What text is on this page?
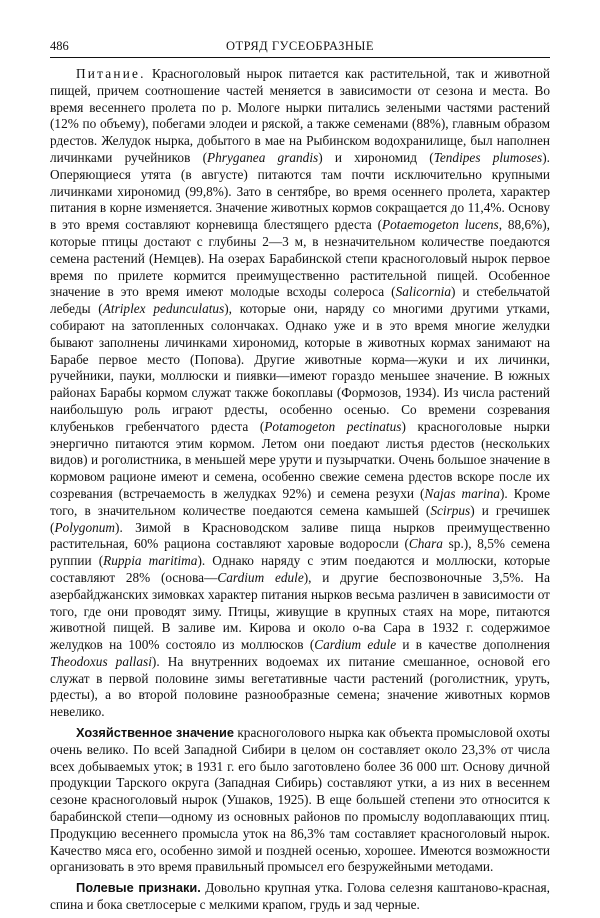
486	ОТРЯД ГУСЕОБРАЗНЫЕ

Питание. Красноголовый нырок питается как растительной, так и животной пищей, причем соотношение частей меняется в зависимости от сезона и места. Во время весеннего пролета по р. Мологе нырки питались зелеными частями растений (12% по объему), побегами элодеи и ряской, а также семенами (88%), главным образом рдестов. Желудок нырка, добытого в мае на Рыбинском водохранилище, был наполнен личинками ручейников (Phryganea grandis) и хирономид (Tendipes plumoses). Оперяющиеся утята (в августе) питаются там почти исключительно крупными личинками хирономид (99,8%). Зато в сентябре, во время осеннего пролета, характер питания в корне изменяется. Значение животных кормов сокращается до 11,4%. Основу в это время составляют корневища блестящего рдеста (Potaemogeton lucens, 88,6%), которые птицы достают с глубины 2—3 м, в незначительном количестве поедаются семена растений (Немцев). На озерах Барабинской степи красноголовый нырок первое время по прилете кормится преимущественно растительной пищей. Особенное значение в это время имеют молодые всходы солероса (Salicornia) и стебельчатой лебеды (Atriplex pedunculatus), которые они, наряду со многими другими утками, собирают на затопленных солончаках. Однако уже и в это время многие желудки бывают заполнены личинками хирономид, которые в животных кормах занимают на Барабе первое место (Попова). Другие животные корма—жуки и их личинки, ручейники, пауки, моллюски и пиявки—имеют гораздо меньшее значение. В южных районах Барабы кормом служат также бокоплавы (Формозов, 1934). Из числа растений наибольшую роль играют рдесты, особенно осенью. Со времени созревания клубеньков гребенчатого рдеста (Potamogeton pectinatus) красноголовые нырки энергично питаются этим кормом. Летом они поедают листья рдестов (нескольких видов) и роголистника, в меньшей мере урути и пузырчатки. Очень большое значение в кормовом рационе имеют и семена, особенно свежие семена рдестов вскоре после их созревания (встречаемость в желудках 92%) и семена резухи (Najas marina). Кроме того, в значительном количестве поедаются семена камышей (Scirpus) и гречишек (Polygonum). Зимой в Красноводском заливе пища нырков преимущественно растительная, 60% рациона составляют харовые водоросли (Chara sp.), 8,5% семена руппии (Ruppia maritima). Однако наряду с этим поедаются и моллюски, которые составляют 28% (основа—Cardium edule), и другие беспозвоночные 3,5%. На азербайджанских зимовках характер питания нырков весьма различен в зависимости от того, где они проводят зиму. Птицы, живущие в крупных стаях на море, питаются животной пищей. В заливе им. Кирова и около о-ва Сара в 1932 г. содержимое желудков на 100% состояло из моллюсков (Cardium edule и в качестве дополнения Theodoxus pallasi). На внутренних водоемах их питание смешанное, основой его служат в первой половине зимы вегетативные части растений (роголистник, уруть, рдесты), а во второй половине разнообразные семена; значение животных кормов невелико.

Хозяйственное значение красноголового нырка как объекта промысловой охоты очень велико. По всей Западной Сибири в целом он составляет около 23,3% от числа всех добываемых уток; в 1931 г. его было заготовлено более 36 000 шт. Основу дичной продукции Тарского округа (Западная Сибирь) составляют утки, а из них в весеннем сезоне красноголовый нырок (Ушаков, 1925). В еще большей степени это относится к барабинской степи—одному из основных районов по промыслу водоплавающих птиц. Продукцию весеннего промысла уток на 86,3% там составляет красноголовый нырок. Качество мяса его, особенно зимой и поздней осенью, хорошее. Имеются возможности организовать в это время правильный промысел его безружейными методами.

Полевые признаки. Довольно крупная утка. Голова селезня каштаново-красная, спина и бока светлосерые с мелкими крапом, грудь и зад черные.
